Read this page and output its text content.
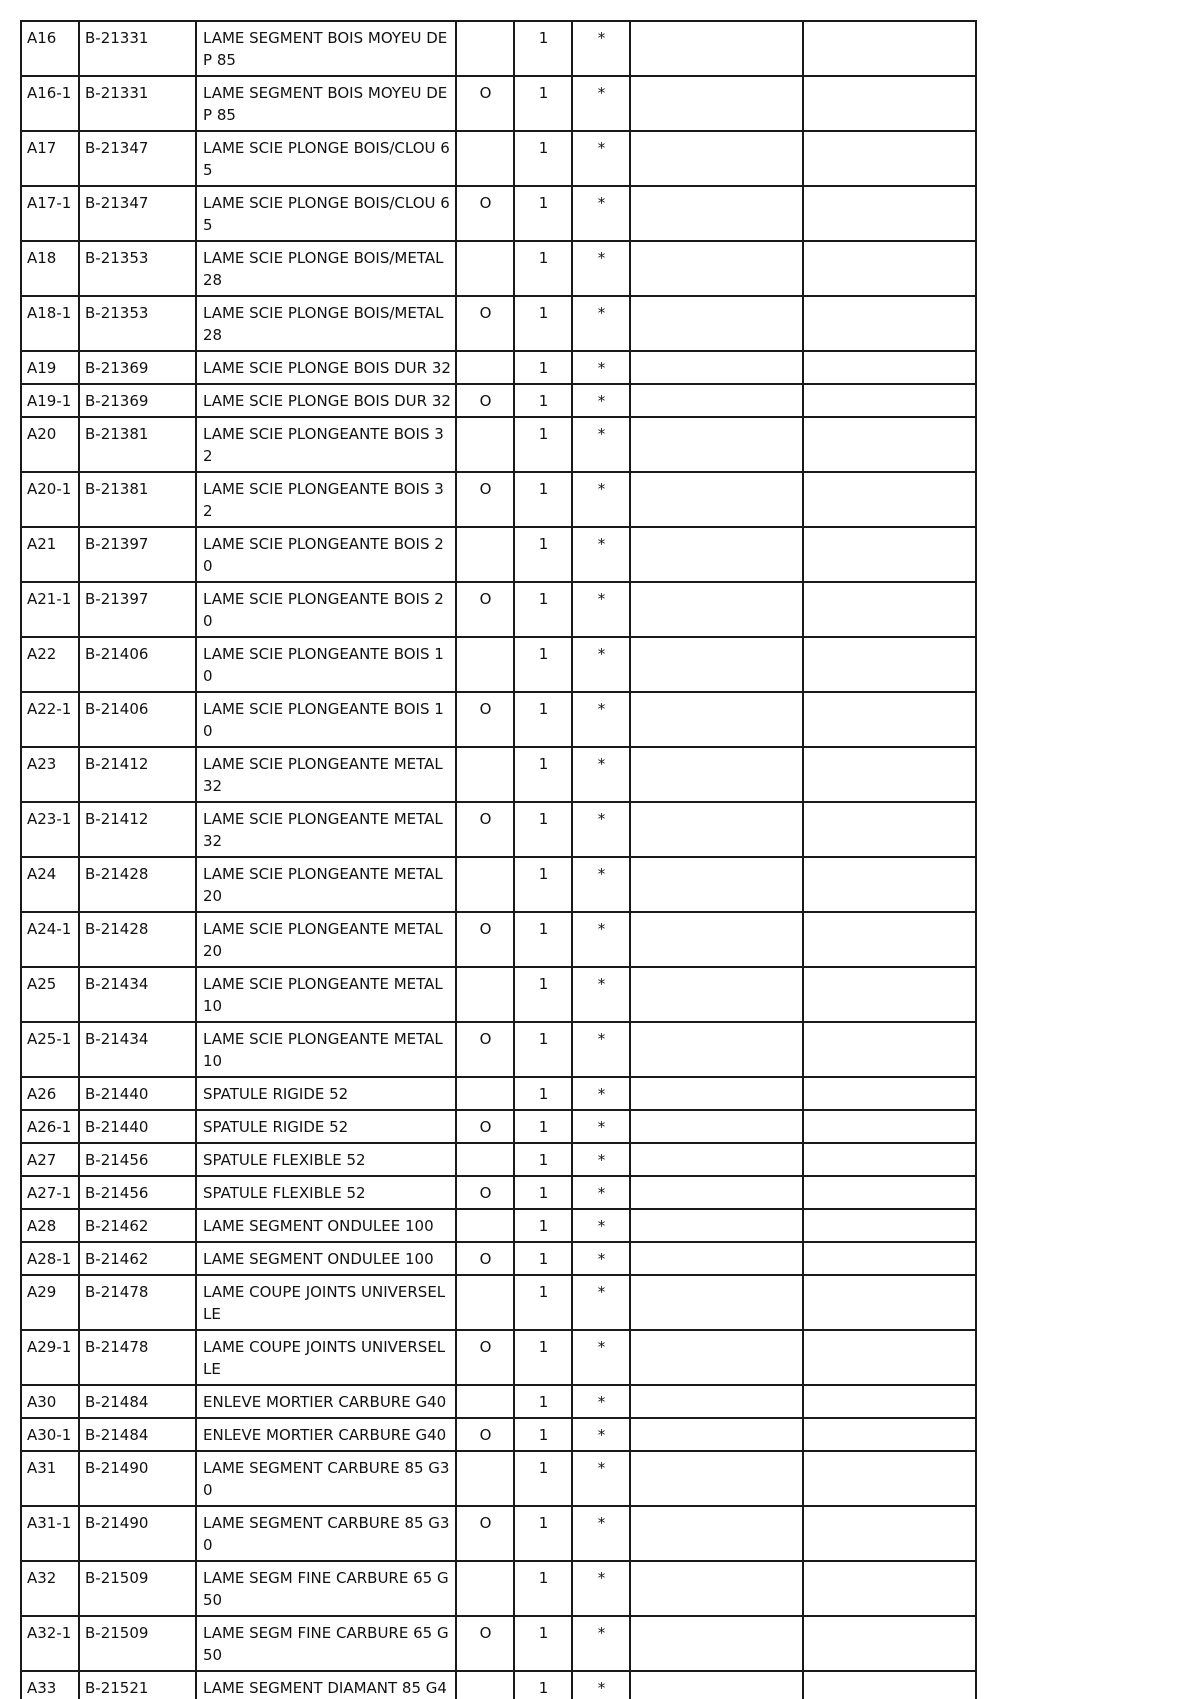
A16	B-21331	LAME SEGMENT BOIS MOYEU DE P 85		1	*		
A16-1	B-21331	LAME SEGMENT BOIS MOYEU DE P 85	O	1	*		
A17	B-21347	LAME SCIE PLONGE BOIS/CLOU 65		1	*		
A17-1	B-21347	LAME SCIE PLONGE BOIS/CLOU 65	O	1	*		
A18	B-21353	LAME SCIE PLONGE BOIS/METAL 28		1	*		
A18-1	B-21353	LAME SCIE PLONGE BOIS/METAL 28	O	1	*		
A19	B-21369	LAME SCIE PLONGE BOIS DUR 32		1	*		
A19-1	B-21369	LAME SCIE PLONGE BOIS DUR 32	O	1	*		
A20	B-21381	LAME SCIE PLONGEANTE BOIS 32		1	*		
A20-1	B-21381	LAME SCIE PLONGEANTE BOIS 32	O	1	*		
A21	B-21397	LAME SCIE PLONGEANTE BOIS 20		1	*		
A21-1	B-21397	LAME SCIE PLONGEANTE BOIS 20	O	1	*		
A22	B-21406	LAME SCIE PLONGEANTE BOIS 10		1	*		
A22-1	B-21406	LAME SCIE PLONGEANTE BOIS 10	O	1	*		
A23	B-21412	LAME SCIE PLONGEANTE METAL 32		1	*		
A23-1	B-21412	LAME SCIE PLONGEANTE METAL 32	O	1	*		
A24	B-21428	LAME SCIE PLONGEANTE METAL 20		1	*		
A24-1	B-21428	LAME SCIE PLONGEANTE METAL 20	O	1	*		
A25	B-21434	LAME SCIE PLONGEANTE METAL 10		1	*		
A25-1	B-21434	LAME SCIE PLONGEANTE METAL 10	O	1	*		
A26	B-21440	SPATULE RIGIDE 52		1	*		
A26-1	B-21440	SPATULE RIGIDE 52	O	1	*		
A27	B-21456	SPATULE FLEXIBLE 52		1	*		
A27-1	B-21456	SPATULE FLEXIBLE 52	O	1	*		
A28	B-21462	LAME SEGMENT ONDULEE 100		1	*		
A28-1	B-21462	LAME SEGMENT ONDULEE 100	O	1	*		
A29	B-21478	LAME COUPE JOINTS UNIVERSELLE		1	*		
A29-1	B-21478	LAME COUPE JOINTS UNIVERSELLE	O	1	*		
A30	B-21484	ENLEVE MORTIER CARBURE G40		1	*		
A30-1	B-21484	ENLEVE MORTIER CARBURE G40	O	1	*		
A31	B-21490	LAME SEGMENT CARBURE 85 G30		1	*		
A31-1	B-21490	LAME SEGMENT CARBURE 85 G30	O	1	*		
A32	B-21509	LAME SEGM FINE CARBURE 65 G50		1	*		
A32-1	B-21509	LAME SEGM FINE CARBURE 65 G50	O	1	*		
A33	B-21521	LAME SEGMENT DIAMANT 85 G4		1	*		
